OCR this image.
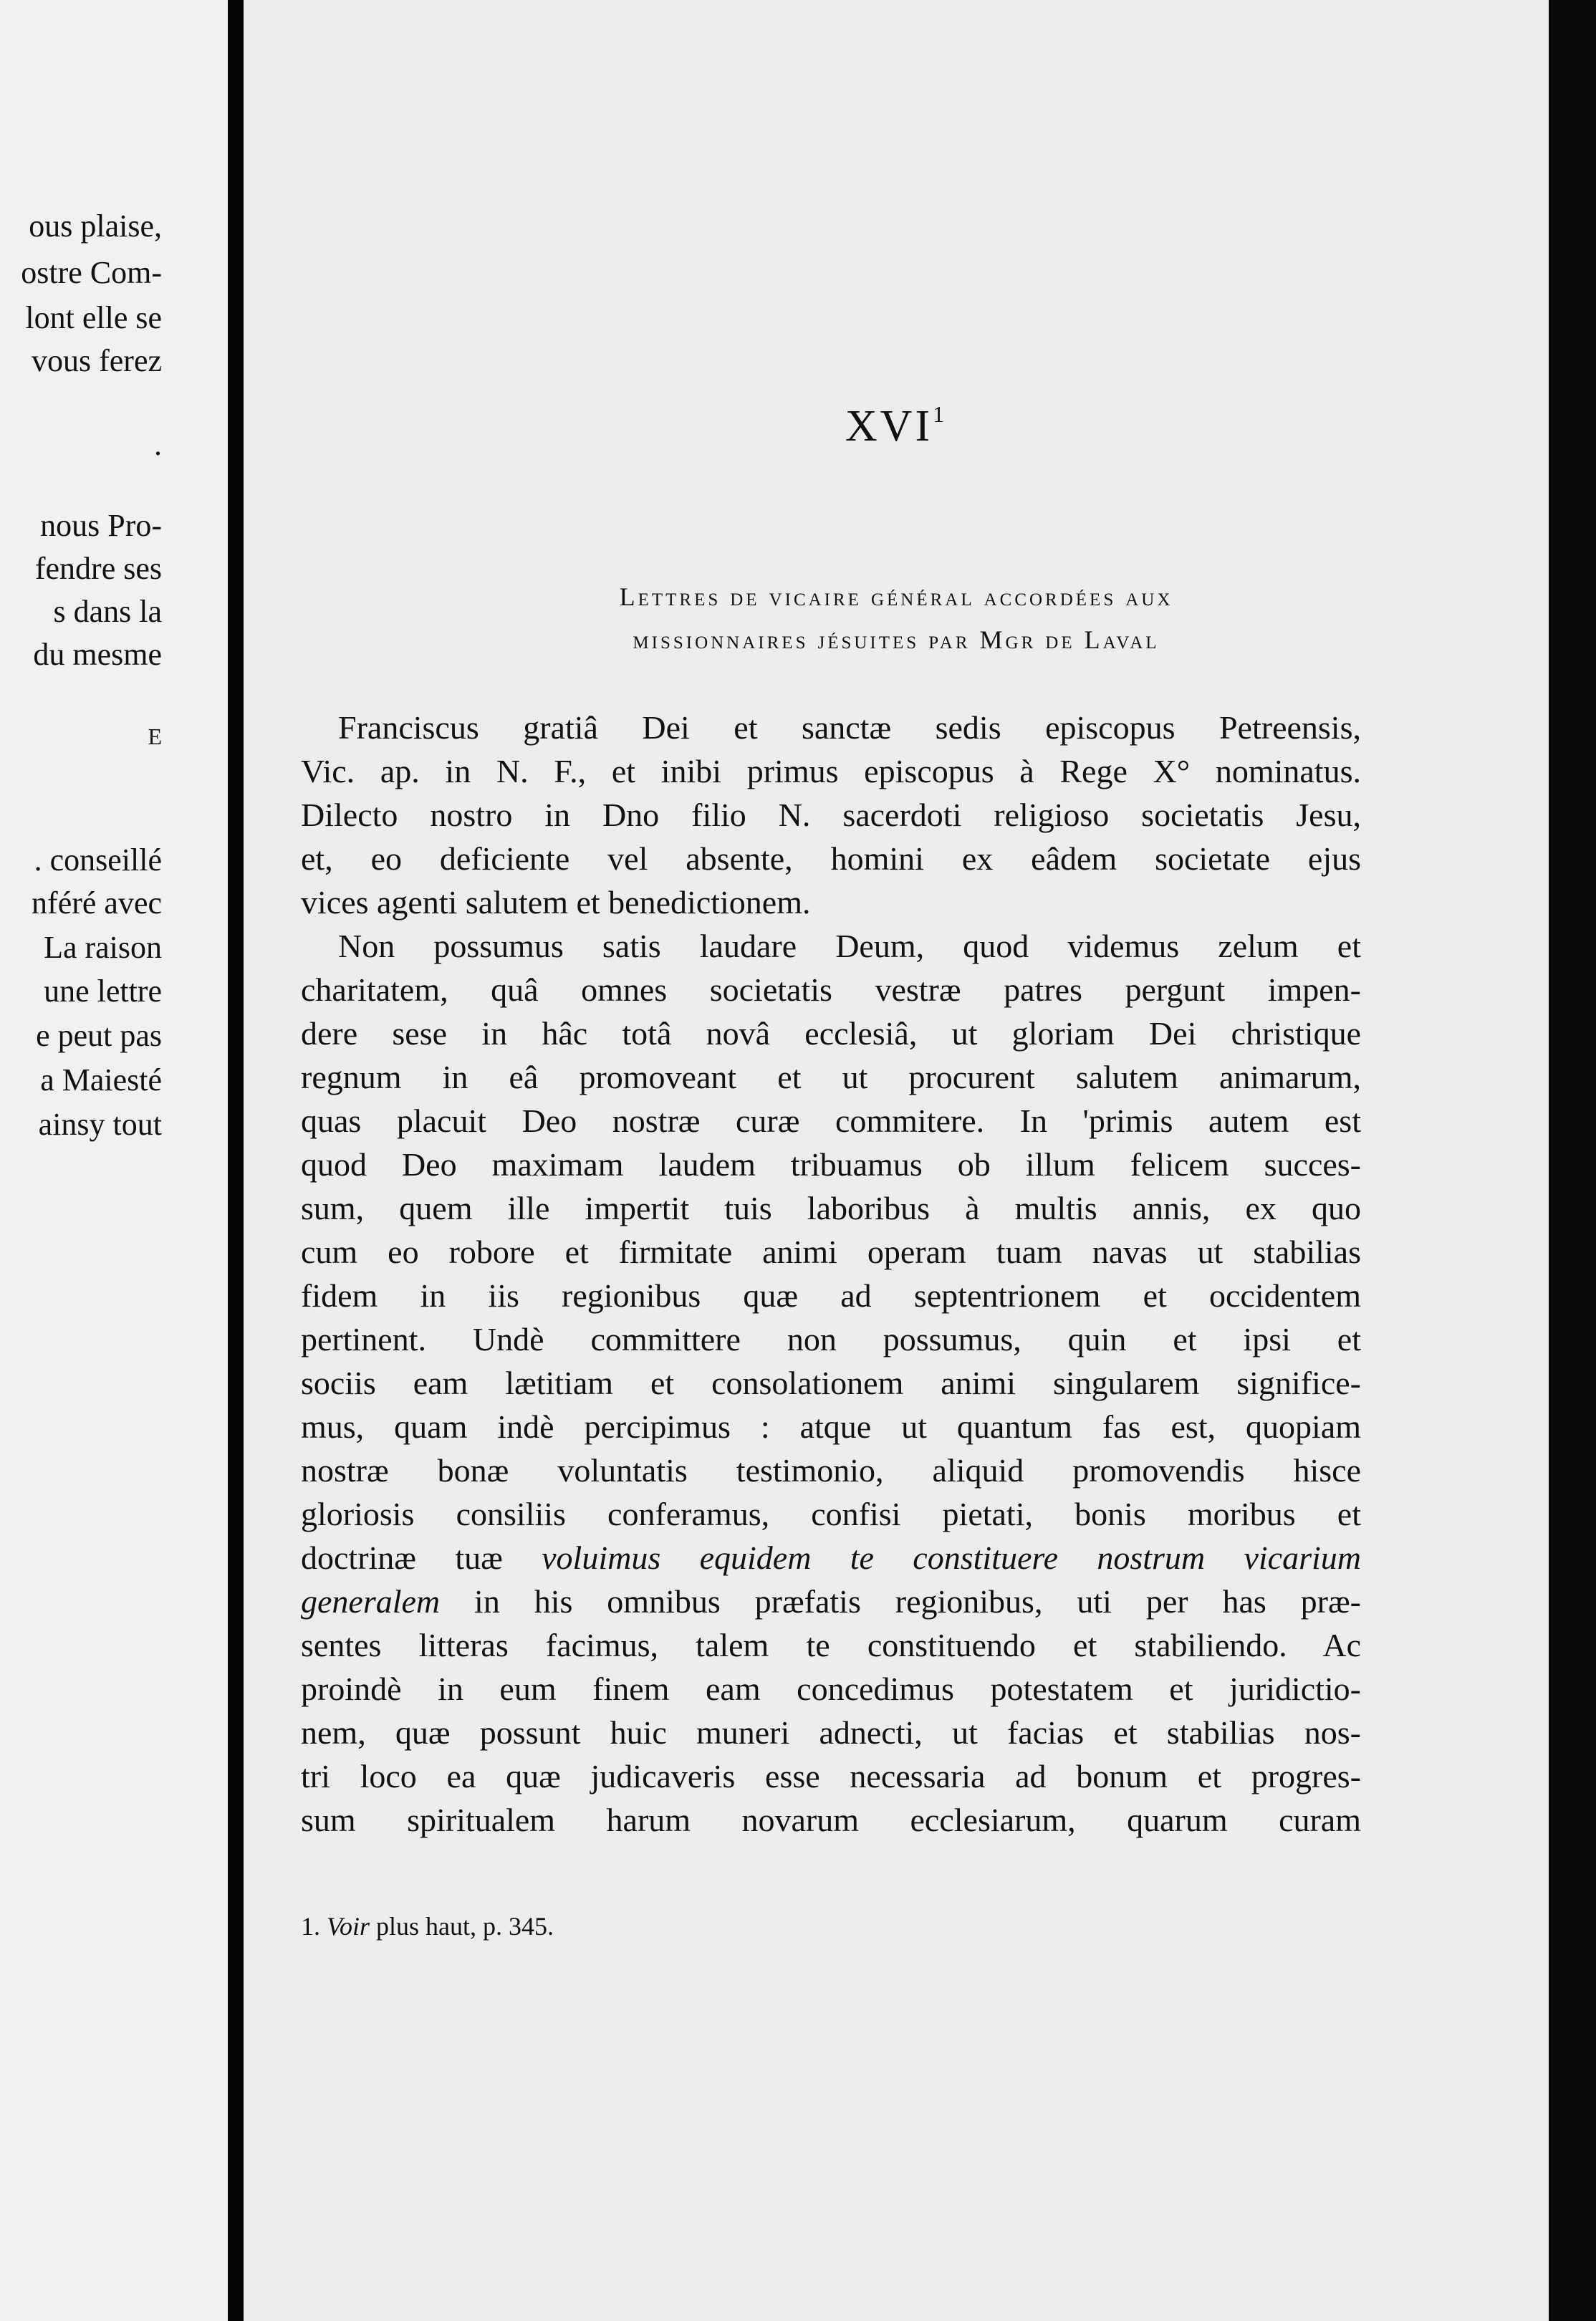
ous plaise,
ostre Com-
lont elle se
vous ferez
.
nous Pro-
fendre ses
s dans la
du mesme
E
. conseillé
nféré avec
La raison
une lettre
e peut pas
a Maiesté
ainsy tout
XVI$^1$
Lettres de vicaire général accordées aux
missionnaires jésuites par Mgr de Laval
Franciscus gratiâ Dei et sanctæ sedis episcopus Petreensis,
Vic. ap. in N. F., et inibi primus episcopus à Rege X° nominatus.
Dilecto nostro in Dno filio N. sacerdoti religioso societatis Jesu,
et, eo deficiente vel absente, homini ex eâdem societate ejus
vices agenti salutem et benedictionem.
Non possumus satis laudare Deum, quod videmus zelum et
charitatem, quâ omnes societatis vestræ patres pergunt impen-
dere sese in hâc totâ novâ ecclesiâ, ut gloriam Dei christique
regnum in eâ promoveant et ut procurent salutem animarum,
quas placuit Deo nostræ curæ commitere. In 'primis autem est
quod Deo maximam laudem tribuamus ob illum felicem succes-
sum, quem ille impertit tuis laboribus à multis annis, ex quo
cum eo robore et firmitate animi operam tuam navas ut stabilias
fidem in iis regionibus quæ ad septentrionem et occidentem
pertinent. Undè committere non possumus, quin et ipsi et
sociis eam lætitiam et consolationem animi singularem significe-
mus, quam indè percipimus : atque ut quantum fas est, quopiam
nostræ bonæ voluntatis testimonio, aliquid promovendis hisce
gloriosis consiliis conferamus, confisi pietati, bonis moribus et
doctrinæ tuæ voluimus equidem te constituere nostrum vicarium
generalem in his omnibus præfatis regionibus, uti per has præ-
sentes litteras facimus, talem te constituendo et stabiliendo. Ac
proindè in eum finem eam concedimus potestatem et juridictio-
nem, quæ possunt huic muneri adnecti, ut facias et stabilias nos-
tri loco ea quæ judicaveris esse necessaria ad bonum et progres-
sum spiritualem harum novarum ecclesiarum, quarum curam
1. Voir plus haut, p. 345.
